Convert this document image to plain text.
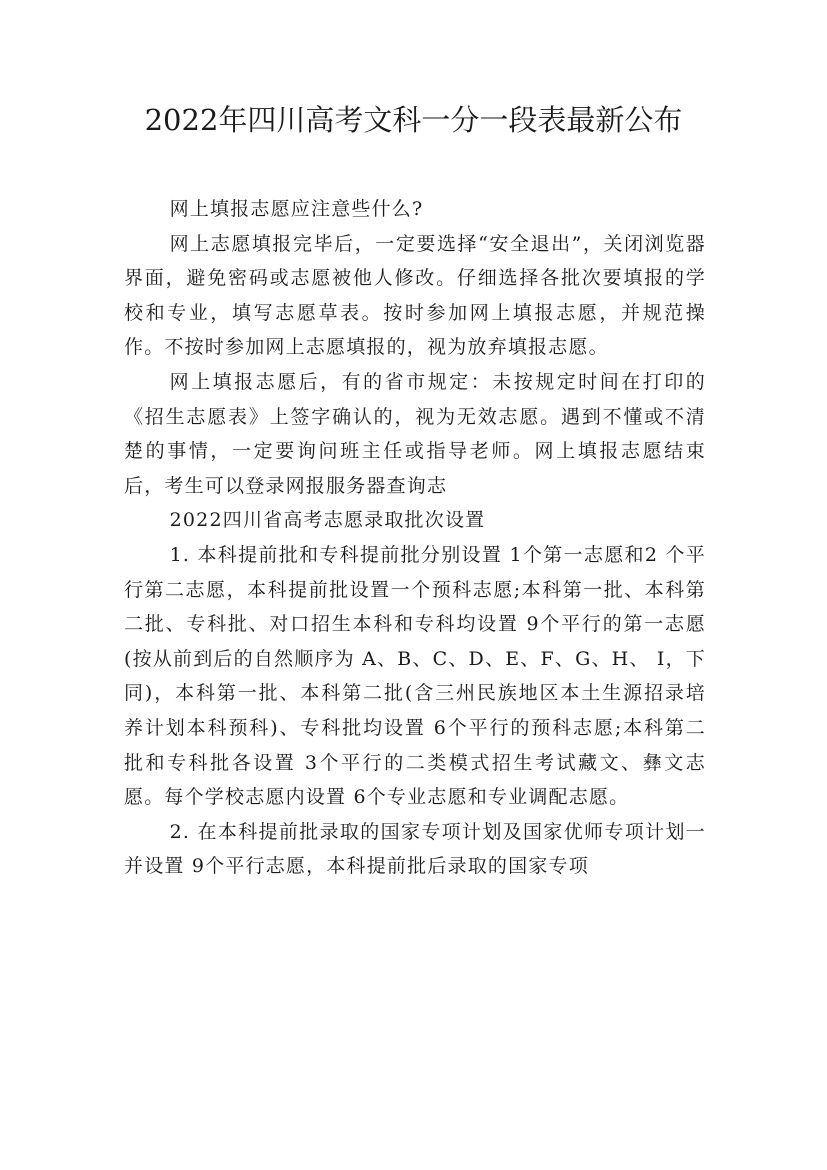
2022年四川高考文科一分一段表最新公布

网上填报志愿应注意些什么?

网上志愿填报完毕后，一定要选择“安全退出”，关闭浏览器界面，避免密码或志愿被他人修改。仔细选择各批次要填报的学校和专业，填写志愿草表。按时参加网上填报志愿，并规范操作。不按时参加网上志愿填报的，视为放弃填报志愿。

网上填报志愿后，有的省市规定：未按规定时间在打印的《招生志愿表》上签字确认的，视为无效志愿。遇到不懂或不清楚的事情，一定要询问班主任或指导老师。网上填报志愿结束后，考生可以登录网报服务器查询志

2022四川省高考志愿录取批次设置

1. 本科提前批和专科提前批分别设置 1个第一志愿和2 个平行第二志愿，本科提前批设置一个预科志愿;本科第一批、本科第二批、专科批、对口招生本科和专科均设置 9个平行的第一志愿(按从前到后的自然顺序为 A、B、C、D、E、F、G、H、 I，下同)，本科第一批、本科第二批(含三州民族地区本土生源招录培养计划本科预科)、专科批均设置 6个平行的预科志愿;本科第二批和专科批各设置 3个平行的二类模式招生考试藏文、彝文志愿。每个学校志愿内设置 6个专业志愿和专业调配志愿。

2. 在本科提前批录取的国家专项计划及国家优师专项计划一并设置 9个平行志愿，本科提前批后录取的国家专项
